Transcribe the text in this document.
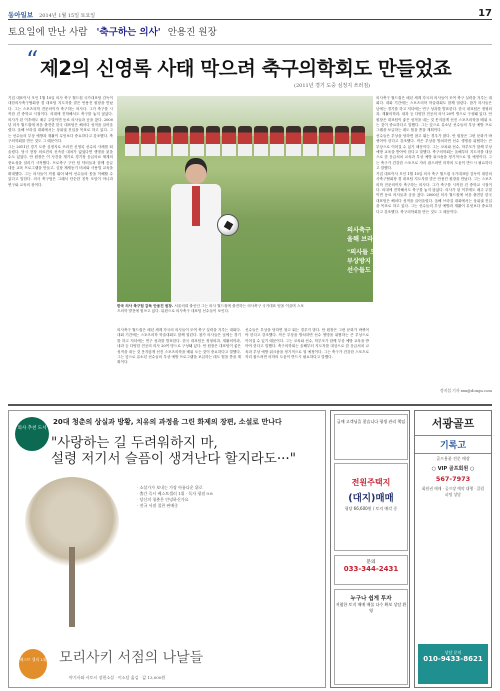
동아일보 2014년 1월 15일 토요일	17
토요일에 만난 사람 '축구하는 의사' 안용진 원장
“ 제2의 신영록 사태 막으려 축구의학회도 만들었죠
(2011년 경기 도중 심정지 쓰러짐)

기업 대표이사 모인 1월 10일 의사 축구 월드컵 국가대표팀 감독이 대한의사축구협회장 겸 대표팀 지도자를 맡은 안용진 원장을 만났다. 그는 스포츠의학 전문의이자 축구하는 의사다. 그가 축구를 시작한 건 중학교 시절이다. 의대에 진학해서도 축구를 놓지 않았다. 의사가 된 이후에도 매주 주말이면 동료 의사들과 공을 찼다. 2000년 의사 월드컵에 처음 출전한 한국 대표팀은 해마다 성적을 끌어올렸다. 올해 브라질 대회에서는 상위권 진입을 목표로 하고 있다. 그는 선수들의 부상 예방과 재활이 무엇보다 중요하다고 강조했다. 축구의학회를 만든 것도 그 때문이다.

그는 2011년 경기 도중 심정지로 쓰러진 신영록 선수의 사례를 떠올렸다. 당시 현장 의료진의 신속한 대처가 없었다면 생명을 잃을 수도 있었다. 안 원장은 이 사건을 계기로 경기장 응급의료 체계의 중요성을 알리기 시작했다. 프로축구 구단 팀 닥터들과 함께 응급 대응 교육 프로그램을 만들고, 심장 제세동기 비치와 사용법 교육을 확대했다. 그는 의사들이 직접 뛰어 봐야 선수들의 몸을 이해할 수 있다고 말한다. 의사 축구팀은 그래서 단순한 친목 모임이 아니라 연구와 교육의 장이다.

의사축구 월드컵 2000년 첫 출전
올해 브라질에선 상위권 목표
"의사들 모여 선발 부는 계 아니라
부상방지 · 재활 등 선진 축구 중요
선수들도 치료와 예방 배워야"
한국 의사 축구팀 감독 안용진 원장. 서울의대 출신인 그는 의사 월드컵에 출전하는 의사축구 국가대표 팀을 이끌며 스포츠의학 발전에 힘쓰고 있다. 뒤편으로 의사축구 대표팀 선수들이 보인다.

의사축구 월드컵은 매년 세계 각국의 의사들이 모여 축구 실력을 겨루는 대회다. 대회 기간에는 스포츠의학 학술대회도 함께 열린다. 참가 의사들은 낮에는 경기를 하고 저녁에는 연구 성과를 발표한다. 한국 대표팀은 정형외과, 재활의학과, 내과 등 다양한 전공의 의사 20여 명으로 구성돼 있다. 안 원장은 대표팀이 좋은 성적을 내는 것 못지않게 선진 스포츠의학을 배워 오는 것이 중요하다고 말했다. 그는 앞으로 유소년 선수들의 부상 예방 프로그램을 보급하는 데도 힘을 쏟을 계획이다.

선수들은 부상을 당하면 참고 뛰는 경우가 많다. 안 원장은 그런 문화가 바뀌어야 한다고 강조했다. 작은 부상을 방치하면 선수 생명을 위협하는 큰 부상으로 이어질 수 있기 때문이다. 그는 코치와 선수, 학부모가 함께 부상 예방 교육을 받아야 한다고 말했다. 축구의학회는 올해부터 지도자를 대상으로 한 응급처치 교육과 부상 예방 워크숍을 정기적으로 열 예정이다. 그는 축구가 건강한 스포츠로 자리 잡으려면 의학의 도움이 반드시 필요하다고 말했다.

의사축구 월드컵은 매년 세계 각국의 의사들이 모여 축구 실력을 겨루는 대회다. 대회 기간에는 스포츠의학 학술대회도 함께 열린다. 참가 의사들은 낮에는 경기를 하고 저녁에는 연구 성과를 발표한다. 한국 대표팀은 정형외과, 재활의학과, 내과 등 다양한 전공의 의사 20여 명으로 구성돼 있다. 안 원장은 대표팀이 좋은 성적을 내는 것 못지않게 선진 스포츠의학을 배워 오는 것이 중요하다고 말했다. 그는 앞으로 유소년 선수들의 부상 예방 프로그램을 보급하는 데도 힘을 쏟을 계획이다.

선수들은 부상을 당하면 참고 뛰는 경우가 많다. 안 원장은 그런 문화가 바뀌어야 한다고 강조했다. 작은 부상을 방치하면 선수 생명을 위협하는 큰 부상으로 이어질 수 있기 때문이다. 그는 코치와 선수, 학부모가 함께 부상 예방 교육을 받아야 한다고 말했다. 축구의학회는 올해부터 지도자를 대상으로 한 응급처치 교육과 부상 예방 워크숍을 정기적으로 열 예정이다. 그는 축구가 건강한 스포츠로 자리 잡으려면 의학의 도움이 반드시 필요하다고 말했다.

기업 대표이사 모인 1월 10일 의사 축구 월드컵 국가대표팀 감독이 대한의사축구협회장 겸 대표팀 지도자를 맡은 안용진 원장을 만났다. 그는 스포츠의학 전문의이자 축구하는 의사다. 그가 축구를 시작한 건 중학교 시절이다. 의대에 진학해서도 축구를 놓지 않았다. 의사가 된 이후에도 매주 주말이면 동료 의사들과 공을 찼다. 2000년 의사 월드컵에 처음 출전한 한국 대표팀은 해마다 성적을 끌어올렸다. 올해 브라질 대회에서는 상위권 진입을 목표로 하고 있다. 그는 선수들의 부상 예방과 재활이 무엇보다 중요하다고 강조했다. 축구의학회를 만든 것도 그 때문이다.

정지섭 기자 xxx@donga.com
의사 추천 도서
20대 청춘의 상실과 방황, 치유의 과정을 그린 화제의 장편, 소설로 만나다
"사랑하는 길 두려워하지 마,
설령 저기서 슬픔이 생겨난다 할지라도···"
· 소설가가 보내는 가장 아름다운 위로
· 출간 즉시 베스트셀러 1위 · 독자 평점 9.8
· 당신의 청춘은 안녕하신가요
· 전국 서점 절찬 판매중
베스트 셀러 1위 모리사키 서점의 나날들
야기사와 사토시 장편소설 · 이소담 옮김 · 값 13,000원
급매 고객님을 찾습니다 평생 관리 책임
전원주택지
(대지)매매
평당 66,600원 / 토지 매각 중
문의
033-344-2431
누구나 쉽게 투자
저렴한 토지 매매 매물 다수 확보 상담 환영
서광골프
기록고
골프용품 전문 매장
○ VIP 골프회원 ○
567-7973
회원권 매매 · 골프장 예약 대행 · 클럽 피팅 상담
상담 문의
010-9433-8621
